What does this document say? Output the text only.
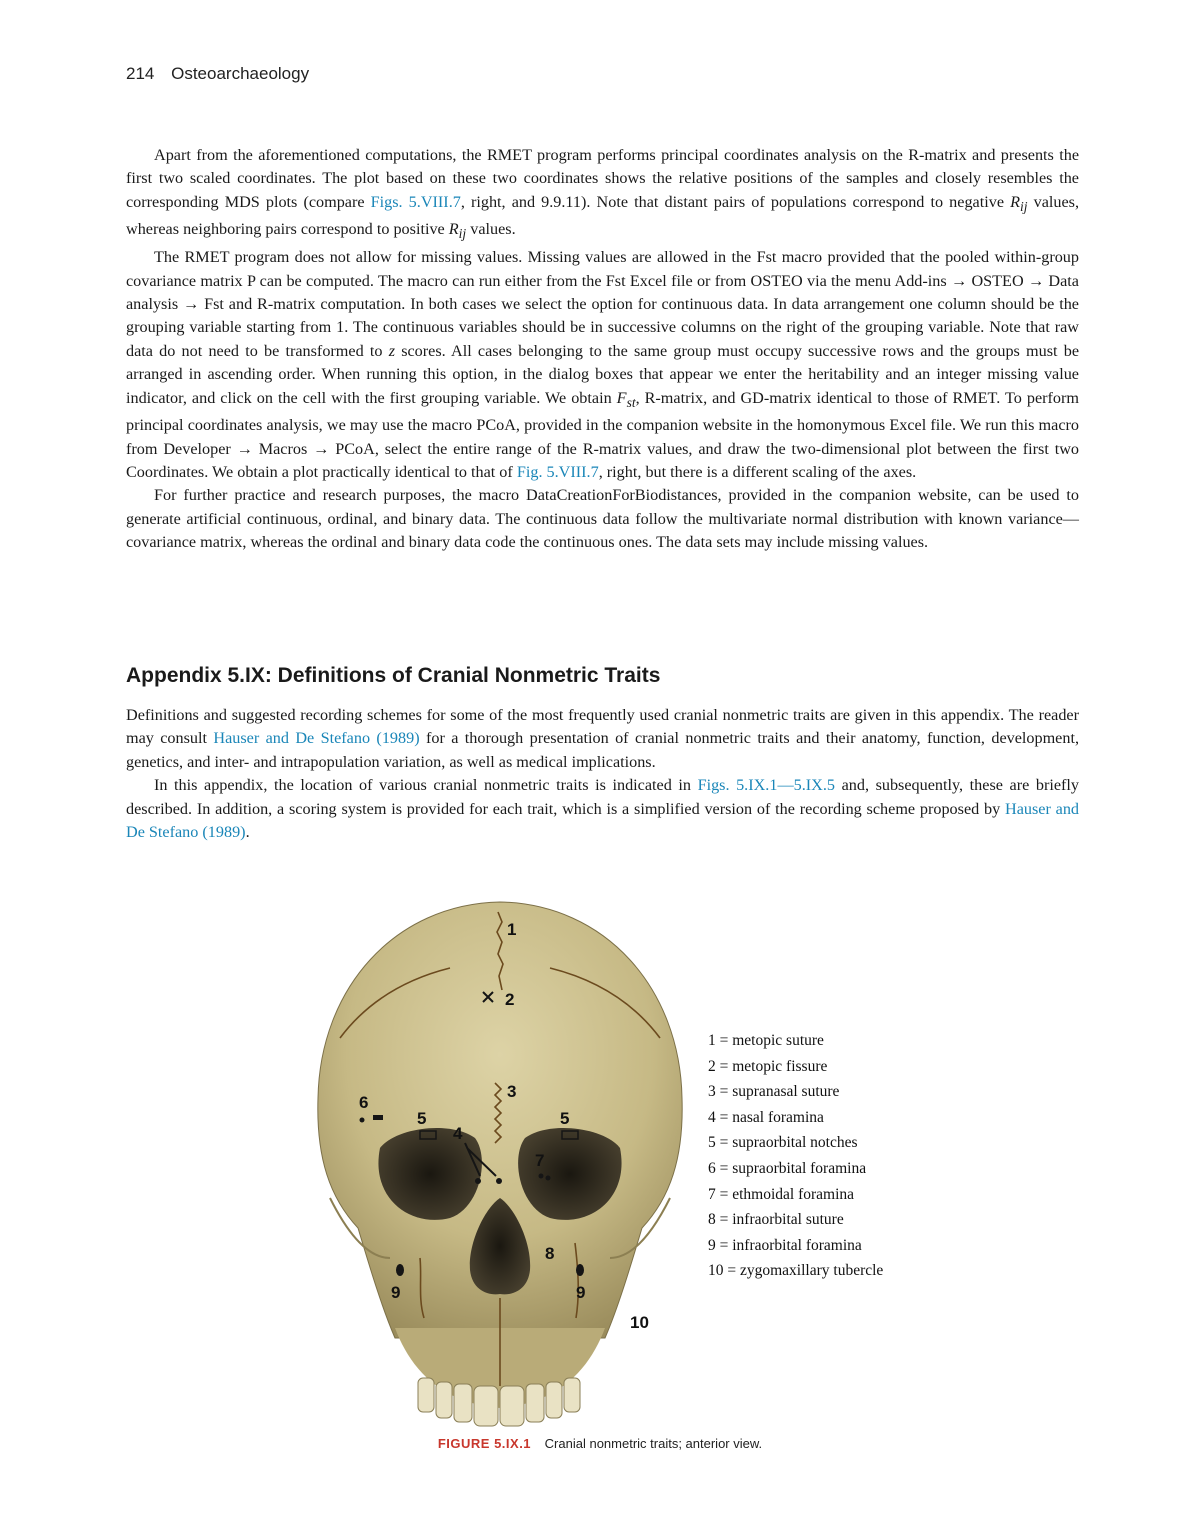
214 Osteoarchaeology

Apart from the aforementioned computations, the RMET program performs principal coordinates analysis on the R-matrix and presents the first two scaled coordinates. The plot based on these two coordinates shows the relative positions of the samples and closely resembles the corresponding MDS plots (compare Figs. 5.VIII.7, right, and 9.9.11). Note that distant pairs of populations correspond to negative $R_{ij}$ values, whereas neighboring pairs correspond to positive $R_{ij}$ values.

The RMET program does not allow for missing values. Missing values are allowed in the Fst macro provided that the pooled within-group covariance matrix P can be computed. The macro can run either from the Fst Excel file or from OSTEO via the menu Add-ins → OSTEO → Data analysis → Fst and R-matrix computation. In both cases we select the option for continuous data. In data arrangement one column should be the grouping variable starting from 1. The continuous variables should be in successive columns on the right of the grouping variable. Note that raw data do not need to be transformed to z scores. All cases belonging to the same group must occupy successive rows and the groups must be arranged in ascending order. When running this option, in the dialog boxes that appear we enter the heritability and an integer missing value indicator, and click on the cell with the first grouping variable. We obtain $F_{st}$, R-matrix, and GD-matrix identical to those of RMET. To perform principal coordinates analysis, we may use the macro PCoA, provided in the companion website in the homonymous Excel file. We run this macro from Developer → Macros → PCoA, select the entire range of the R-matrix values, and draw the two-dimensional plot between the first two Coordinates. We obtain a plot practically identical to that of Fig. 5.VIII.7, right, but there is a different scaling of the axes.

For further practice and research purposes, the macro DataCreationForBiodistances, provided in the companion website, can be used to generate artificial continuous, ordinal, and binary data. The continuous data follow the multivariate normal distribution with known variance—covariance matrix, whereas the ordinal and binary data code the continuous ones. The data sets may include missing values.

Appendix 5.IX: Definitions of Cranial Nonmetric Traits

Definitions and suggested recording schemes for some of the most frequently used cranial nonmetric traits are given in this appendix. The reader may consult Hauser and De Stefano (1989) for a thorough presentation of cranial nonmetric traits and their anatomy, function, development, genetics, and inter- and intrapopulation variation, as well as medical implications.

In this appendix, the location of various cranial nonmetric traits is indicated in Figs. 5.IX.1—5.IX.5 and, subsequently, these are briefly described. In addition, a scoring system is provided for each trait, which is a simplified version of the recording scheme proposed by Hauser and De Stefano (1989).

1
2
3
4
5	5
6
7
8
9	9
10
1 = metopic suture
2 = metopic fissure
3 = supranasal suture
4 = nasal foramina
5 = supraorbital notches
6 = supraorbital foramina
7 = ethmoidal foramina
8 = infraorbital suture
9 = infraorbital foramina
10 = zygomaxillary tubercle
FIGURE 5.IX.1 Cranial nonmetric traits; anterior view.
